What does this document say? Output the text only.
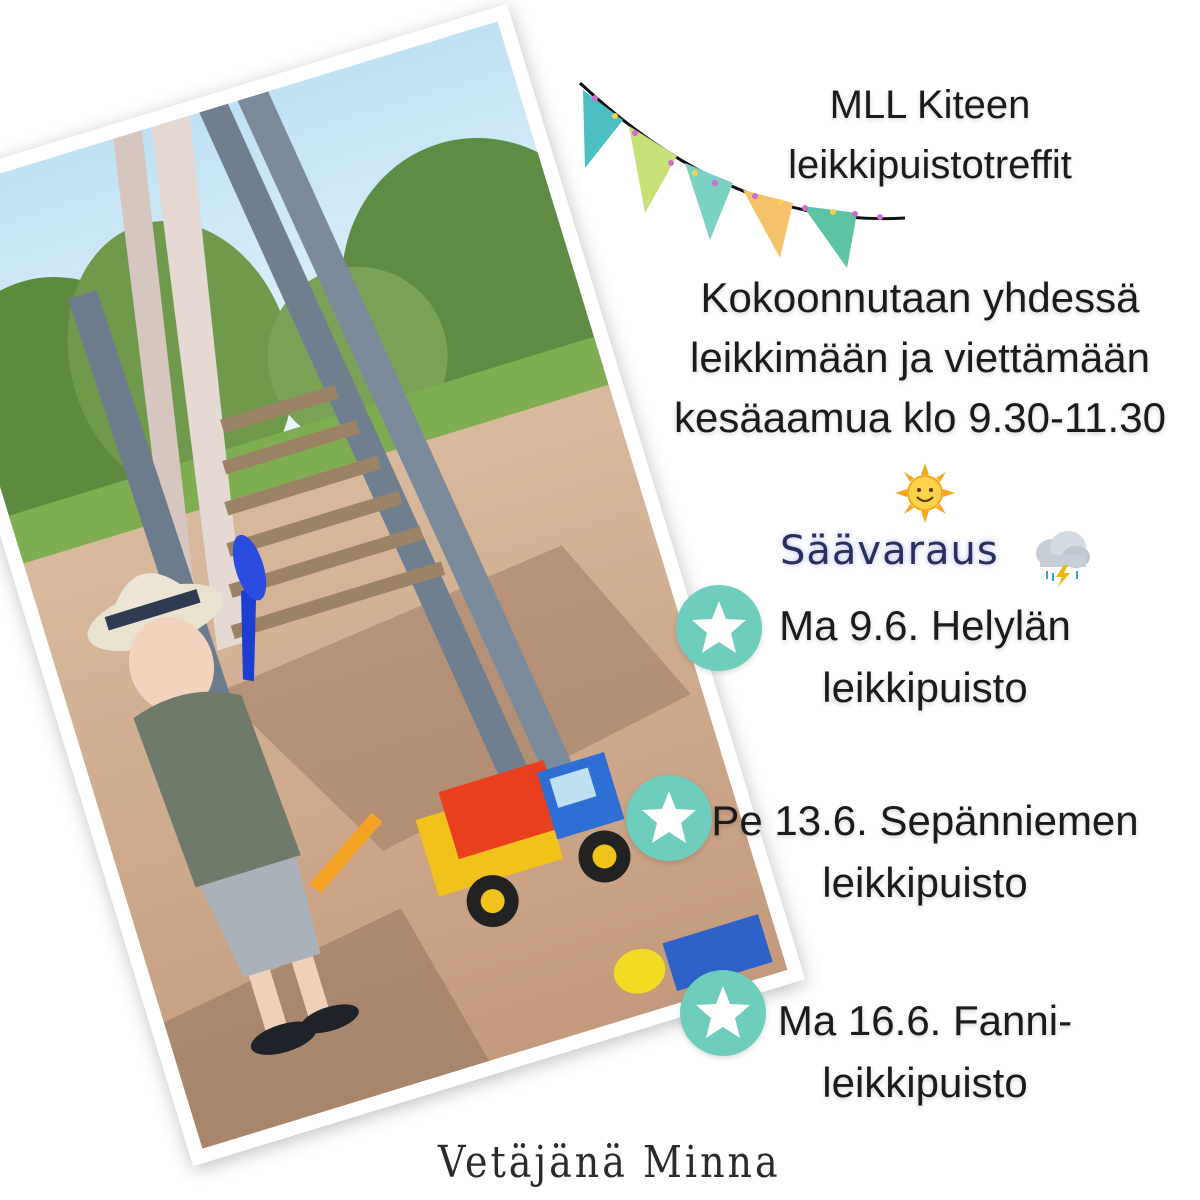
MLL Kiteen
leikkipuistotreffit
Kokoonnutaan yhdessä
leikkimään ja viettämään
kesäaamua klo 9.30-11.30
Säävaraus
Ma 9.6. Helylän
leikkipuisto
Pe 13.6. Sepänniemen
leikkipuisto
Ma 16.6. Fanni-
leikkipuisto
Vetäjänä Minna
